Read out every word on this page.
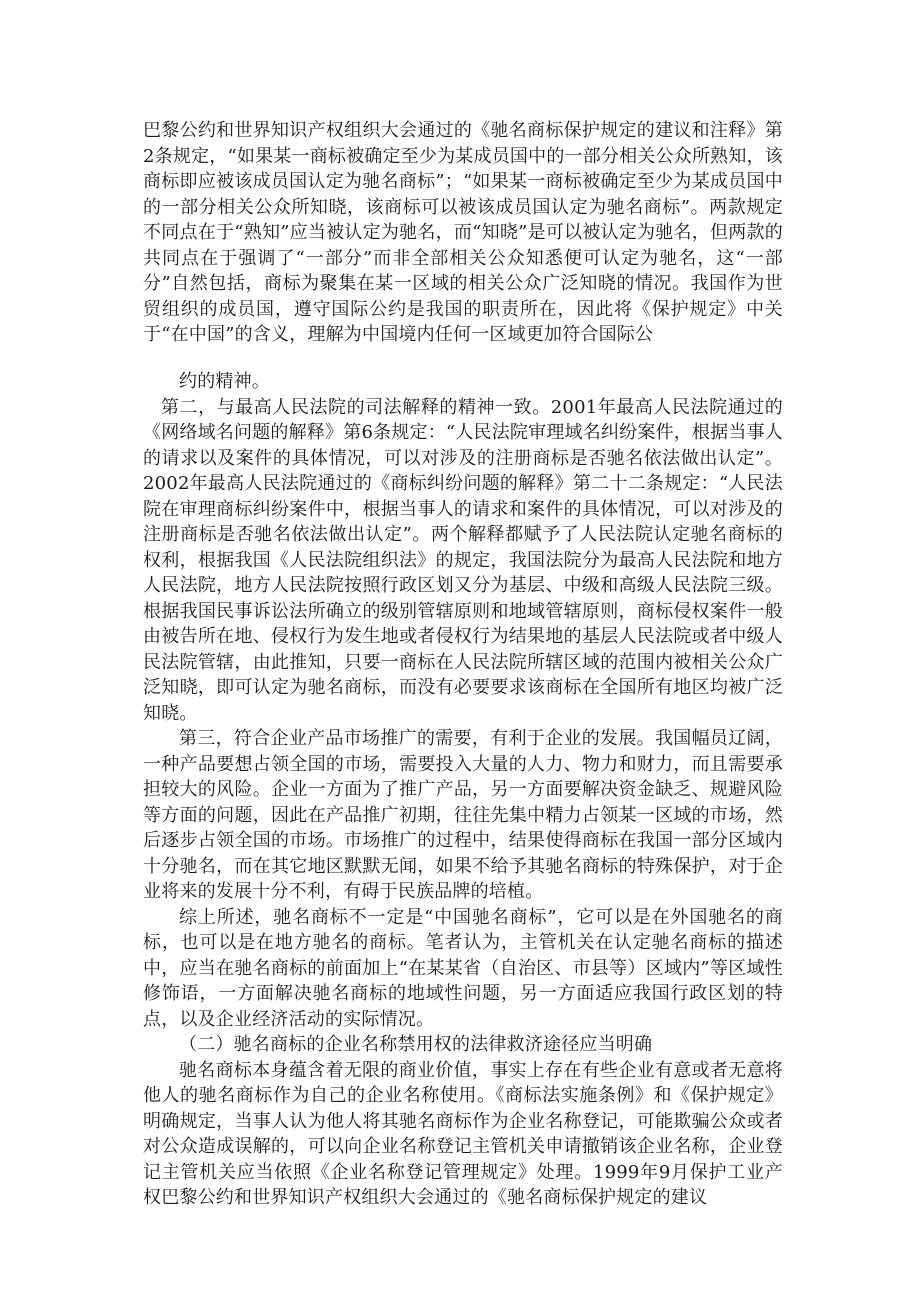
巴黎公约和世界知识产权组织大会通过的《驰名商标保护规定的建议和注释》第2条规定，“如果某一商标被确定至少为某成员国中的一部分相关公众所熟知，该商标即应被该成员国认定为驰名商标”；“如果某一商标被确定至少为某成员国中的一部分相关公众所知晓，该商标可以被该成员国认定为驰名商标”。两款规定不同点在于“熟知”应当被认定为驰名，而“知晓”是可以被认定为驰名，但两款的共同点在于强调了“一部分”而非全部相关公众知悉便可认定为驰名，这“一部分”自然包括，商标为聚集在某一区域的相关公众广泛知晓的情况。我国作为世贸组织的成员国，遵守国际公约是我国的职责所在，因此将《保护规定》中关于“在中国”的含义，理解为中国境内任何一区域更加符合国际公

约的精神。

第二，与最高人民法院的司法解释的精神一致。2001年最高人民法院通过的《网络域名问题的解释》第6条规定：“人民法院审理域名纠纷案件，根据当事人的请求以及案件的具体情况，可以对涉及的注册商标是否驰名依法做出认定”。2002年最高人民法院通过的《商标纠纷问题的解释》第二十二条规定：“人民法院在审理商标纠纷案件中，根据当事人的请求和案件的具体情况，可以对涉及的注册商标是否驰名依法做出认定”。两个解释都赋予了人民法院认定驰名商标的权利，根据我国《人民法院组织法》的规定，我国法院分为最高人民法院和地方人民法院，地方人民法院按照行政区划又分为基层、中级和高级人民法院三级。根据我国民事诉讼法所确立的级别管辖原则和地域管辖原则，商标侵权案件一般由被告所在地、侵权行为发生地或者侵权行为结果地的基层人民法院或者中级人民法院管辖，由此推知，只要一商标在人民法院所辖区域的范围内被相关公众广泛知晓，即可认定为驰名商标，而没有必要要求该商标在全国所有地区均被广泛知晓。

第三，符合企业产品市场推广的需要，有利于企业的发展。我国幅员辽阔，一种产品要想占领全国的市场，需要投入大量的人力、物力和财力，而且需要承担较大的风险。企业一方面为了推广产品，另一方面要解决资金缺乏、规避风险等方面的问题，因此在产品推广初期，往往先集中精力占领某一区域的市场，然后逐步占领全国的市场。市场推广的过程中，结果使得商标在我国一部分区域内十分驰名，而在其它地区默默无闻，如果不给予其驰名商标的特殊保护，对于企业将来的发展十分不利，有碍于民族品牌的培植。

综上所述，驰名商标不一定是“中国驰名商标”，它可以是在外国驰名的商标，也可以是在地方驰名的商标。笔者认为，主管机关在认定驰名商标的描述中，应当在驰名商标的前面加上“在某某省（自治区、市县等）区域内”等区域性修饰语，一方面解决驰名商标的地域性问题，另一方面适应我国行政区划的特点，以及企业经济活动的实际情况。

（二）驰名商标的企业名称禁用权的法律救济途径应当明确

驰名商标本身蕴含着无限的商业价值，事实上存在有些企业有意或者无意将他人的驰名商标作为自己的企业名称使用。《商标法实施条例》和《保护规定》明确规定，当事人认为他人将其驰名商标作为企业名称登记，可能欺骗公众或者对公众造成误解的，可以向企业名称登记主管机关申请撤销该企业名称，企业登记主管机关应当依照《企业名称登记管理规定》处理。1999年9月保护工业产权巴黎公约和世界知识产权组织大会通过的《驰名商标保护规定的建议
